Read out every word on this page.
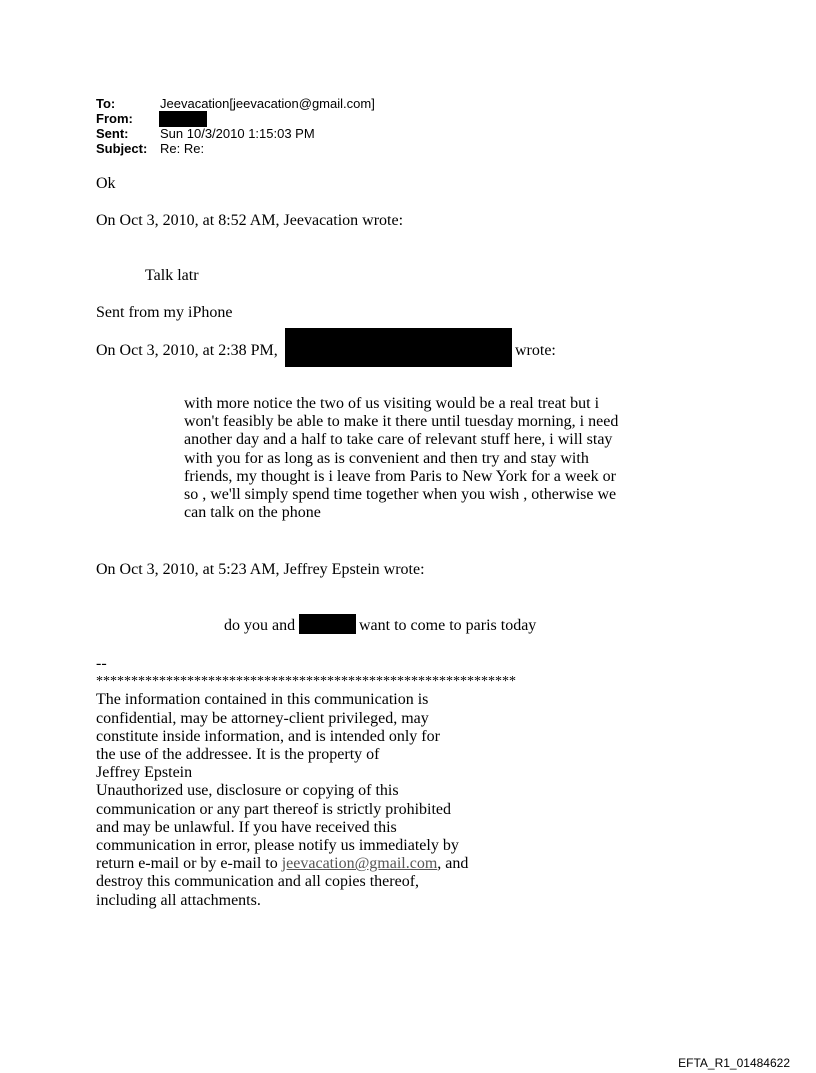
To:	Jeevacation[jeevacation@gmail.com]
From:
Sent: Sun 10/3/2010 1:15:03 PM
Subject: Re: Re:
Ok
On Oct 3, 2010, at 8:52 AM, Jeevacation wrote:
Talk latr
Sent from my iPhone
On Oct 3, 2010, at 2:38 PM,	wrote:
with more notice the two of us visiting would be a real treat but i
won't feasibly be able to make it there until tuesday morning, i need
another day and a half to take care of relevant stuff here, i will stay
with you for as long as is convenient and then try and stay with
friends, my thought is i leave from Paris to New York for a week or
so , we'll simply spend time together when you wish , otherwise we
can talk on the phone
On Oct 3, 2010, at 5:23 AM, Jeffrey Epstein wrote:
do you and	want to come to paris today
--
************************************************************
The information contained in this communication is
confidential, may be attorney-client privileged, may
constitute inside information, and is intended only for
the use of the addressee. It is the property of
Jeffrey Epstein
Unauthorized use, disclosure or copying of this
communication or any part thereof is strictly prohibited
and may be unlawful. If you have received this
communication in error, please notify us immediately by
return e-mail or by e-mail to jeevacation@gmail.com, and
destroy this communication and all copies thereof,
including all attachments.
EFTA_R1_01484622
